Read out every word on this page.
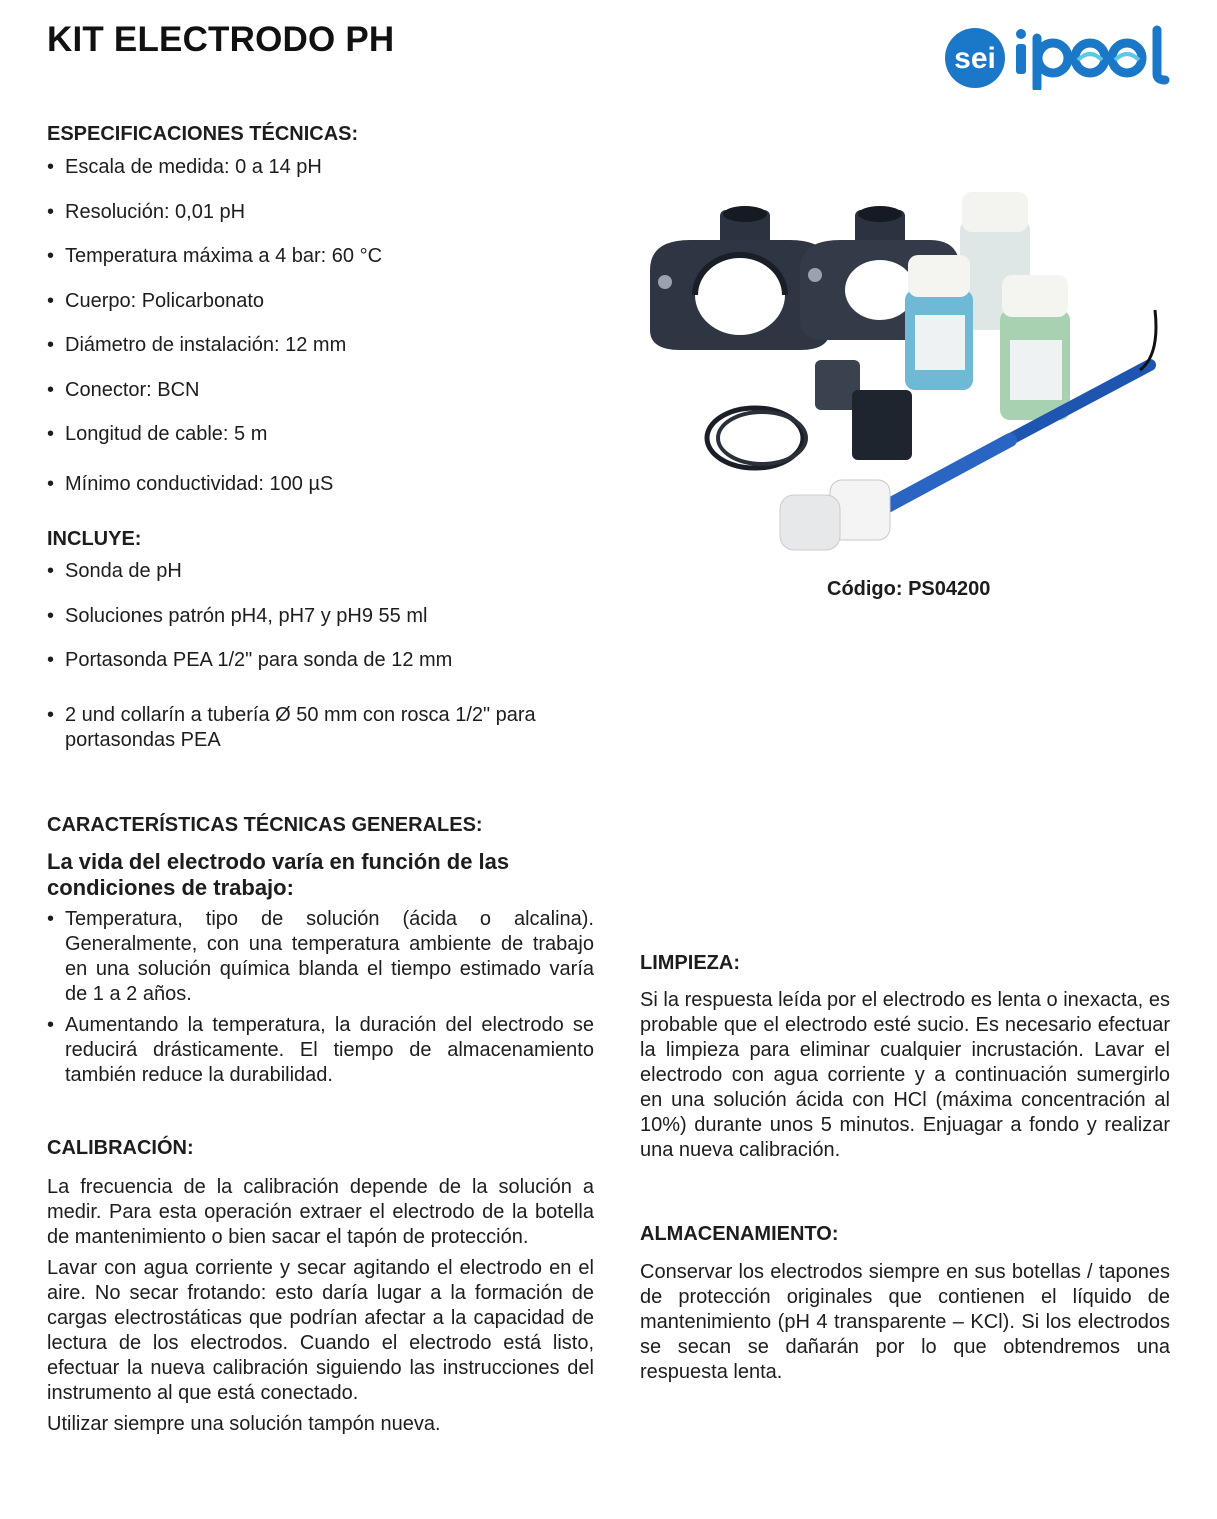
KIT ELECTRODO PH	sei
ESPECIFICACIONES TÉCNICAS:
• Escala de medida: 0 a 14 pH
• Resolución: 0,01 pH
• Temperatura máxima a 4 bar: 60 °C
• Cuerpo: Policarbonato
• Diámetro de instalación: 12 mm
• Conector: BCN
• Longitud de cable: 5 m
• Mínimo conductividad: 100 µS
INCLUYE:
• Sonda de pH
• Soluciones patrón pH4, pH7 y pH9 55 ml
• Portasonda PEA 1/2" para sonda de 12 mm
• 2 und collarín a tubería Ø 50 mm con rosca 1/2" para portasondas PEA
Código: PS04200
CARACTERÍSTICAS TÉCNICAS GENERALES:

La vida del electrodo varía en función de las condiciones de trabajo:

• Temperatura, tipo de solución (ácida o alcalina). Generalmente, con una temperatura ambiente de trabajo en una solución química blanda el tiempo estimado varía de 1 a 2 años.
• Aumentando la temperatura, la duración del electrodo se reducirá drásticamente. El tiempo de almacenamiento también reduce la durabilidad.
CALIBRACIÓN:

La frecuencia de la calibración depende de la solución a medir. Para esta operación extraer el electrodo de la botella de mantenimiento o bien sacar el tapón de protección.

Lavar con agua corriente y secar agitando el electrodo en el aire. No secar frotando: esto daría lugar a la formación de cargas electrostáticas que podrían afectar a la capacidad de lectura de los electrodos. Cuando el electrodo está listo, efectuar la nueva calibración siguiendo las instrucciones del instrumento al que está conectado.

Utilizar siempre una solución tampón nueva.

LIMPIEZA:

Si la respuesta leída por el electrodo es lenta o inexacta, es probable que el electrodo esté sucio. Es necesario efectuar la limpieza para eliminar cualquier incrustación. Lavar el electrodo con agua corriente y a continuación sumergirlo en una solución ácida con HCl (máxima concentración al 10%) durante unos 5 minutos. Enjuagar a fondo y realizar una nueva calibración.

ALMACENAMIENTO:

Conservar los electrodos siempre en sus botellas / tapones de protección originales que contienen el líquido de mantenimiento (pH 4 transparente – KCl). Si los electrodos se secan se dañarán por lo que obtendremos una respuesta lenta.
